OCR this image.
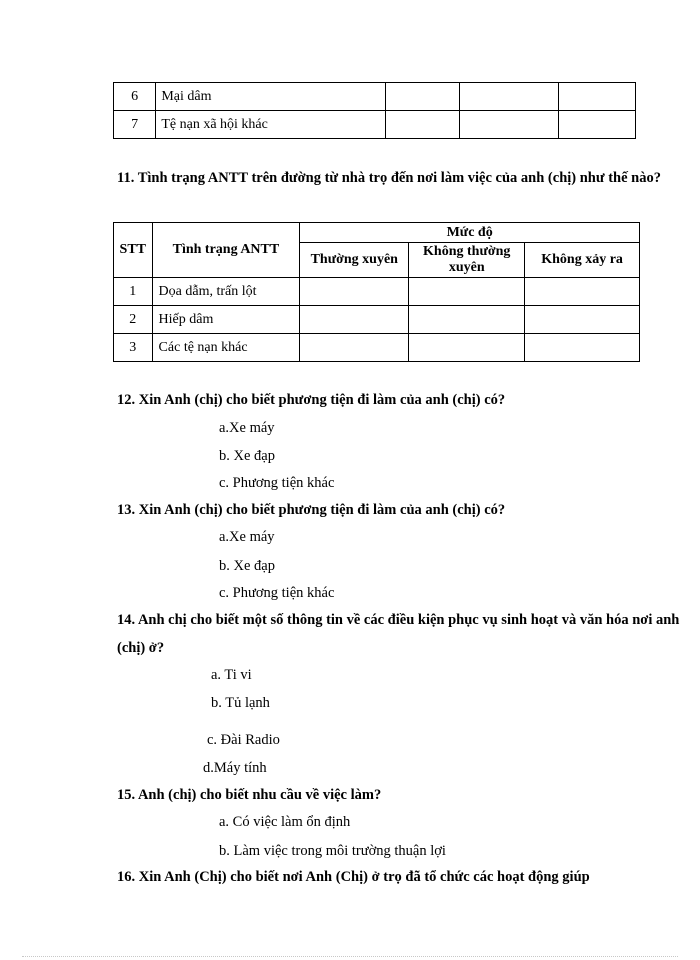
6	Mại dâm			
7	Tệ nạn xã hội khác			
11. Tình trạng ANTT trên đường từ nhà trọ đến nơi làm việc của anh (chị) như thế nào?
STT	Tình trạng ANTT	Mức độ		
		Thường xuyên	Không thường xuyên	Không xảy ra
1	Dọa dẫm, trấn lột			
2	Hiếp dâm			
3	Các tệ nạn khác			
12. Xin Anh (chị) cho biết phương tiện đi làm của anh (chị) có?
a.Xe máy
b. Xe đạp
c. Phương tiện khác
13. Xin Anh (chị) cho biết phương tiện đi làm của anh (chị) có?
a.Xe máy
b. Xe đạp
c. Phương tiện khác
14. Anh chị cho biết một số thông tin về các điều kiện phục vụ sinh hoạt và văn hóa nơi anh (chị) ở?
a. Ti vi
b. Tủ lạnh
c. Đài Radio
d.Máy tính
15. Anh (chị) cho biết nhu cầu về việc làm?
a. Có việc làm ổn định
b. Làm việc trong môi trường thuận lợi
16. Xin Anh (Chị) cho biết nơi Anh (Chị) ở trọ đã tổ chức các hoạt động giúp
